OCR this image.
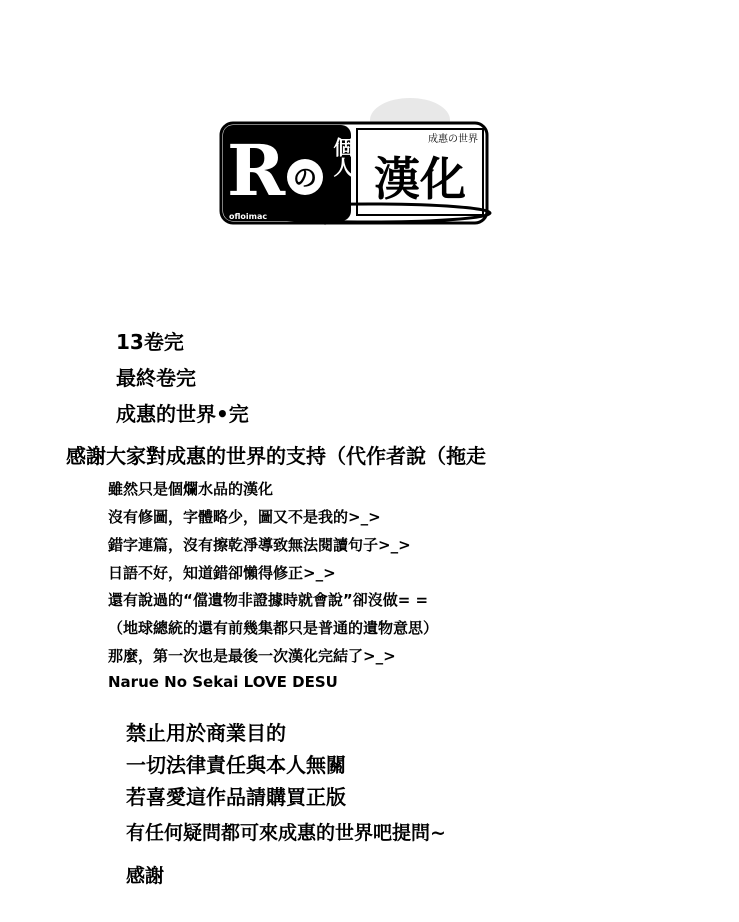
R の
個人	成惠の世界
漢化
ofloimac
13卷完
最終卷完
成惠的世界•完
感謝大家對成惠的世界的支持（代作者說（拖走
雖然只是個爛水品的漢化
沒有修圖，字體略少，圖又不是我的>_>
錯字連篇，沒有擦乾淨導致無法閱讀句子>_>
日語不好，知道錯卻懶得修正>_>
還有說過的“儅遺物非證據時就會說”卻沒做= =
（地球總統的還有前幾集都只是普通的遺物意思）
那麼，第一次也是最後一次漢化完結了>_>
Narue No Sekai LOVE DESU
禁止用於商業目的
一切法律責任與本人無關
若喜愛這作品請購買正版
有任何疑問都可來成惠的世界吧提問~
感謝
